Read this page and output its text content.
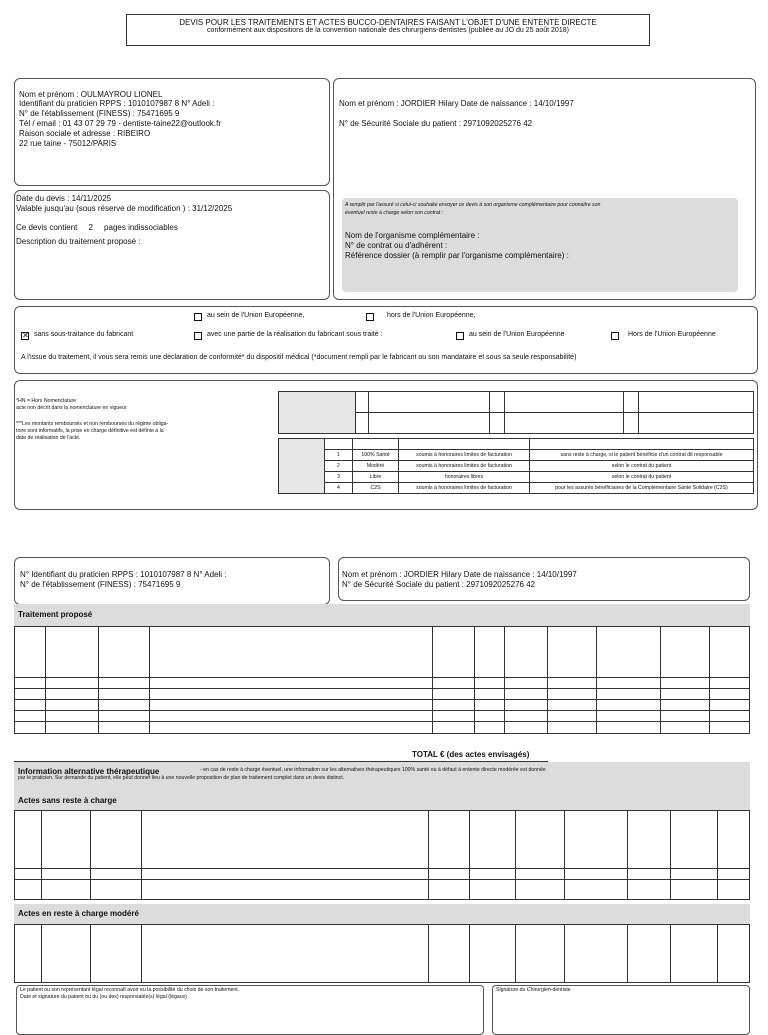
DEVIS POUR LES TRAITEMENTS ET ACTES BUCCO-DENTAIRES FAISANT L'OBJET D'UNE ENTENTE DIRECTE
conformément aux dispositions de la convention nationale des chirurgiens-dentistes (publiée au JO du 25 août 2018)
Nom et prénom : OULMAYROU LIONEL
Identifiant du praticien RPPS : 1010107987 8 N° Adeli :
N° de l'établissement (FINESS) : 75471695 9
Tél / email : 01 43 07 29 79 - dentiste-taine22@outlook.fr
Raison sociale et adresse : RIBEIRO
22 rue taine - 75012/PARIS
Nom et prénom : JORDIER Hilary Date de naissance : 14/10/1997
N° de Sécurité Sociale du patient : 2971092025276 42
A remplir par l'assuré si celui-ci souhaite envoyer ce devis à son organisme complémentaire pour connaitre son
éventuel reste à charge selon son contrat :
Nom de l'organisme complémentaire :
N° de contrat ou d'adhérent :
Référence dossier (à remplir par l'organisme complémentaire) :
Date du devis : 14/11/2025
Valable jusqu'au (sous réserve de modification ) : 31/12/2025
Ce devis contient     2     pages indissociables
Description du traitement proposé :
au sein de l'Union Européenne,	hors de l'Union Européenne,
✕
sans sous-traitance du fabricant	avec une partie de la réalisation du fabricant sous traité :	au sein de l'Union Européenne	Hors de l'Union Européenne
A l'issue du traitement, il vous sera remis une déclaration de conformité* du dispositif médical (*document rempli par le fabricant ou son mandataire et sous sa seule responsabilité)
*HN = Hors Nomenclature
acte non décrit dans la nomenclature en vigueur
***Les montants remboursés et non remboursés du régime obliga-
toire sont informatifs, la prise en charge définitive est définie à la
date de réalisation de l'acte.

	1	100% Santé	soumis à honoraires limites de facturation	sans reste à charge, si le patient bénéficie d'un contrat dit responsable
	2	Modéré	soumis à honoraires limites de facturation	selon le contrat du patient
	3	Libre	honoraires libres	selon le contrat du patient
	4	C2S	soumis à honoraires limites de facturation	pour les assurés bénéficiaires de la Complémentaire Santé Solidaire (C2S)
N° Identifiant du praticien RPPS : 1010107987 8 N° Adeli :
N° de l'établissement (FINESS) : 75471695 9
Nom et prénom : JORDIER Hilary Date de naissance : 14/10/1997
N° de Sécurité Sociale du patient : 2971092025276 42
Traitement proposé

TOTAL € (des actes envisagés)
Information alternative thérapeutique	- en cas de reste à charge éventuel, une information sur les alternatives thérapeutiques 100% santé ou à défaut à entente directe modérée est donnée
par le praticien. Sur demande du patient, elle peut donner lieu à une nouvelle proposition de plan de traitement complet dans un devis distinct.
Actes sans reste à charge

Actes en reste à charge modéré

Le patient ou son représentant légal reconnaît avoir eu la possibilité du choix de son traitement.
Date et signature du patient ou du (ou des) responsable(s) légal (légaux)
Signature du Chirurgien-dentiste
